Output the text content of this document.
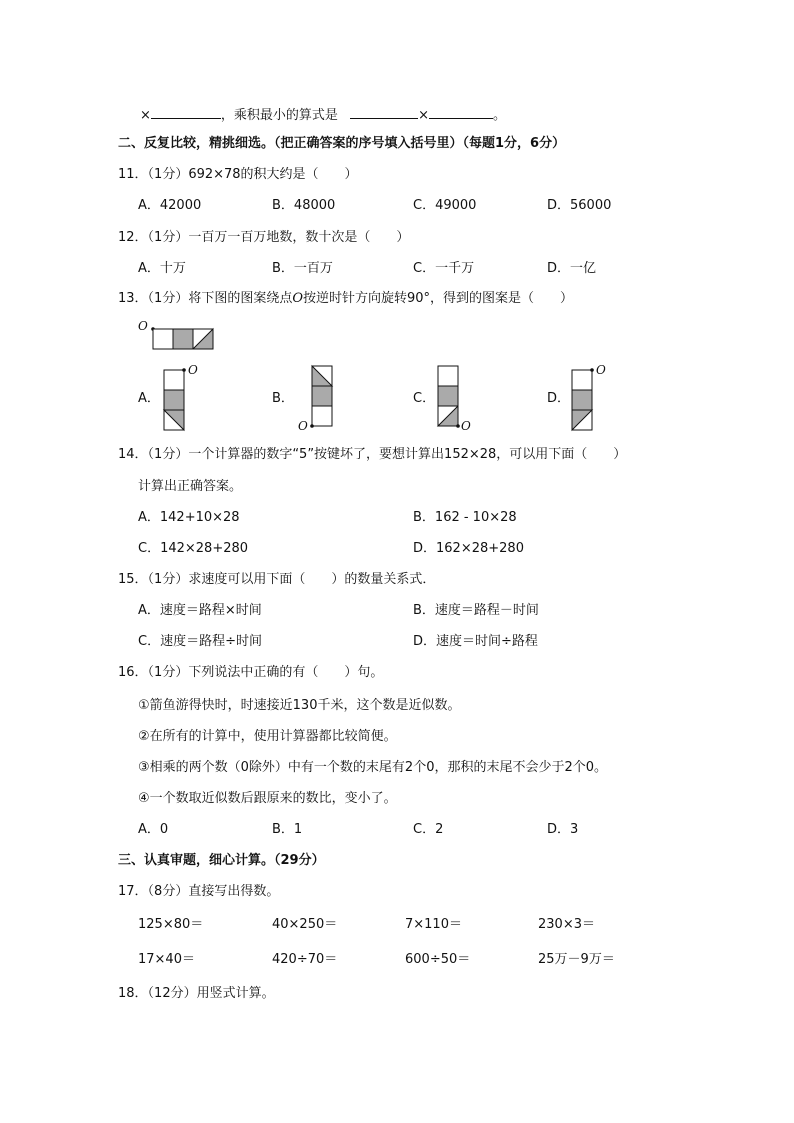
×	，乘积最小的算式是	×	。
二、反复比较，精挑细选。（把正确答案的序号填入括号里）（每题1分，6分）
11．（1分）692×78的积大约是（　　）
A．42000	B．48000	C．49000	D．56000
12．（1分）一百万一百万地数，数十次是（　　）
A．十万	B．一百万	C．一千万	D．一亿
13．（1分）将下图的图案绕点O按逆时针方向旋转90°，得到的图案是（　　）
O
A．	B．	C．	D．
O
O	O
O
14．（1分）一个计算器的数字“5”按键坏了，要想计算出152×28，可以用下面（　　）
计算出正确答案。
A．142+10×28	B．162 - 10×28
C．142×28+280	D．162×28+280
15．（1分）求速度可以用下面（　　）的数量关系式．
A．速度＝路程×时间	B．速度＝路程－时间
C．速度＝路程÷时间	D．速度＝时间÷路程
16．（1分）下列说法中正确的有（　　）句。
①箭鱼游得快时，时速接近130千米，这个数是近似数。
②在所有的计算中，使用计算器都比较简便。
③相乘的两个数（0除外）中有一个数的末尾有2个0，那积的末尾不会少于2个0。
④一个数取近似数后跟原来的数比，变小了。
A．0	B．1	C．2	D．3
三、认真审题，细心计算。（29分）
17．（8分）直接写出得数。
125×80＝	40×250＝	7×110＝	230×3＝
17×40＝	420÷70＝	600÷50＝	25万－9万＝
18．（12分）用竖式计算。
